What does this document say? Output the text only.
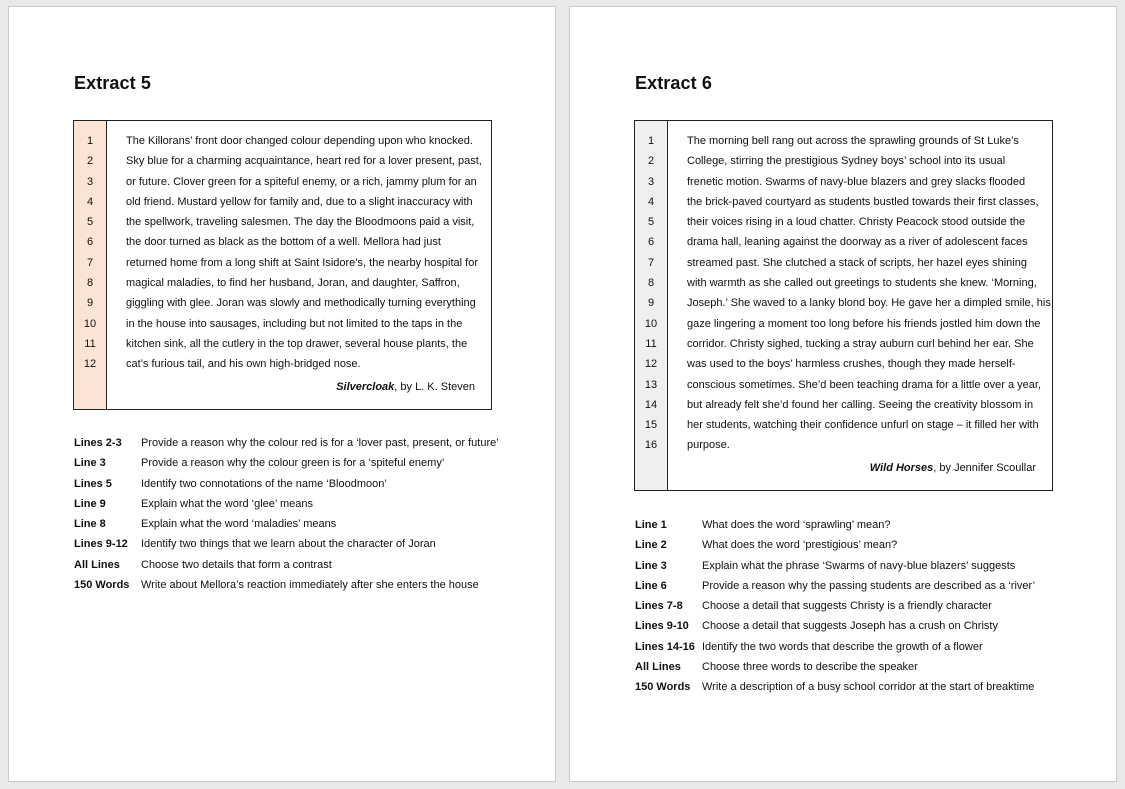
Extract 5
1
2
3
4
5
6
7
8
9
10
11
12
The Killorans’ front door changed colour depending upon who knocked.
Sky blue for a charming acquaintance, heart red for a lover present, past,
or future. Clover green for a spiteful enemy, or a rich, jammy plum for an
old friend. Mustard yellow for family and, due to a slight inaccuracy with
the spellwork, traveling salesmen. The day the Bloodmoons paid a visit,
the door turned as black as the bottom of a well. Mellora had just
returned home from a long shift at Saint Isidore’s, the nearby hospital for
magical maladies, to find her husband, Joran, and daughter, Saffron,
giggling with glee. Joran was slowly and methodically turning everything
in the house into sausages, including but not limited to the taps in the
kitchen sink, all the cutlery in the top drawer, several house plants, the
cat’s furious tail, and his own high-bridged nose.
Silvercloak, by L. K. Steven
Lines 2-3	Provide a reason why the colour red is for a ‘lover past, present, or future’
Line 3	Provide a reason why the colour green is for a ‘spiteful enemy’
Lines 5	Identify two connotations of the name ‘Bloodmoon’
Line 9	Explain what the word ‘glee’ means
Line 8	Explain what the word ‘maladies’ means
Lines 9-12	Identify two things that we learn about the character of Joran
All Lines	Choose two details that form a contrast
150 Words	Write about Mellora’s reaction immediately after she enters the house
Extract 6
1
2
3
4
5
6
7
8
9
10
11
12
13
14
15
16
The morning bell rang out across the sprawling grounds of St Luke’s
College, stirring the prestigious Sydney boys’ school into its usual
frenetic motion. Swarms of navy-blue blazers and grey slacks flooded
the brick-paved courtyard as students bustled towards their first classes,
their voices rising in a loud chatter. Christy Peacock stood outside the
drama hall, leaning against the doorway as a river of adolescent faces
streamed past. She clutched a stack of scripts, her hazel eyes shining
with warmth as she called out greetings to students she knew. ‘Morning,
Joseph.’ She waved to a lanky blond boy. He gave her a dimpled smile, his
gaze lingering a moment too long before his friends jostled him down the
corridor. Christy sighed, tucking a stray auburn curl behind her ear. She
was used to the boys’ harmless crushes, though they made herself-
conscious sometimes. She’d been teaching drama for a little over a year,
but already felt she’d found her calling. Seeing the creativity blossom in
her students, watching their confidence unfurl on stage – it filled her with
purpose.
Wild Horses, by Jennifer Scoullar
Line 1	What does the word ‘sprawling’ mean?
Line 2	What does the word ‘prestigious’ mean?
Line 3	Explain what the phrase ‘Swarms of navy-blue blazers’ suggests
Line 6	Provide a reason why the passing students are described as a ‘river’
Lines 7-8	Choose a detail that suggests Christy is a friendly character
Lines 9-10	Choose a detail that suggests Joseph has a crush on Christy
Lines 14-16 Identify the two words that describe the growth of a flower
All Lines	Choose three words to describe the speaker
150 Words	Write a description of a busy school corridor at the start of breaktime
